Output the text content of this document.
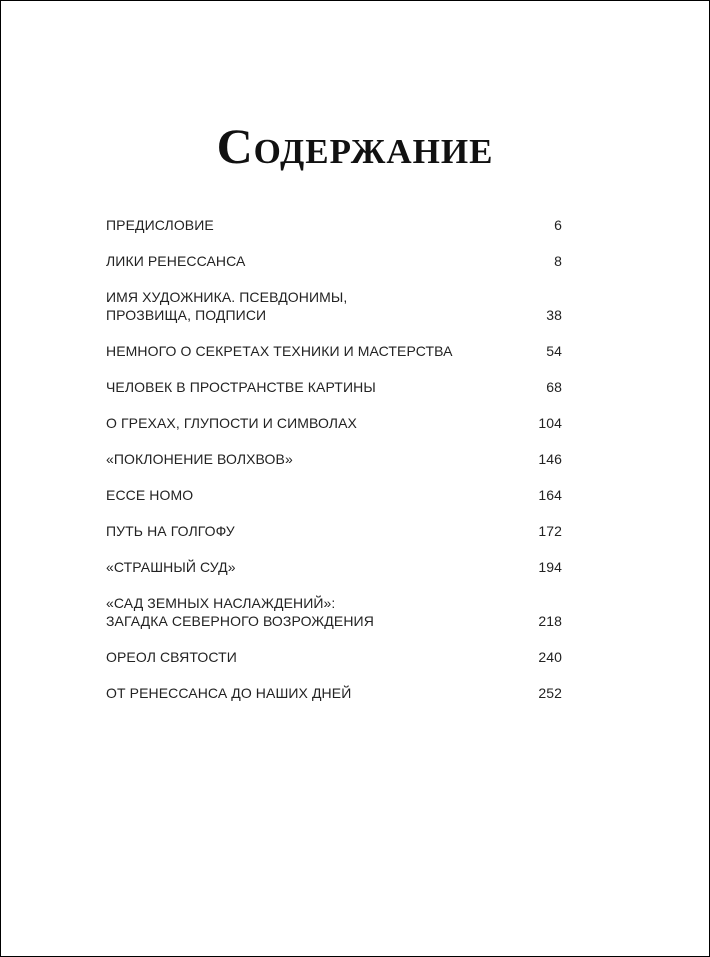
Содержание
ПРЕДИСЛОВИЕ	6
ЛИКИ РЕНЕССАНСА	8
ИМЯ ХУДОЖНИКА. ПСЕВДОНИМЫ,
ПРОЗВИЩА, ПОДПИСИ	38
НЕМНОГО О СЕКРЕТАХ ТЕХНИКИ И МАСТЕРСТВА	54
ЧЕЛОВЕК В ПРОСТРАНСТВЕ КАРТИНЫ	68
О ГРЕХАХ, ГЛУПОСТИ И СИМВОЛАХ	104
«ПОКЛОНЕНИЕ ВОЛХВОВ»	146
ECCE HOMO	164
ПУТЬ НА ГОЛГОФУ	172
«СТРАШНЫЙ СУД»	194
«САД ЗЕМНЫХ НАСЛАЖДЕНИЙ»:
ЗАГАДКА СЕВЕРНОГО ВОЗРОЖДЕНИЯ	218
ОРЕОЛ СВЯТОСТИ	240
ОТ РЕНЕССАНСА ДО НАШИХ ДНЕЙ	252
